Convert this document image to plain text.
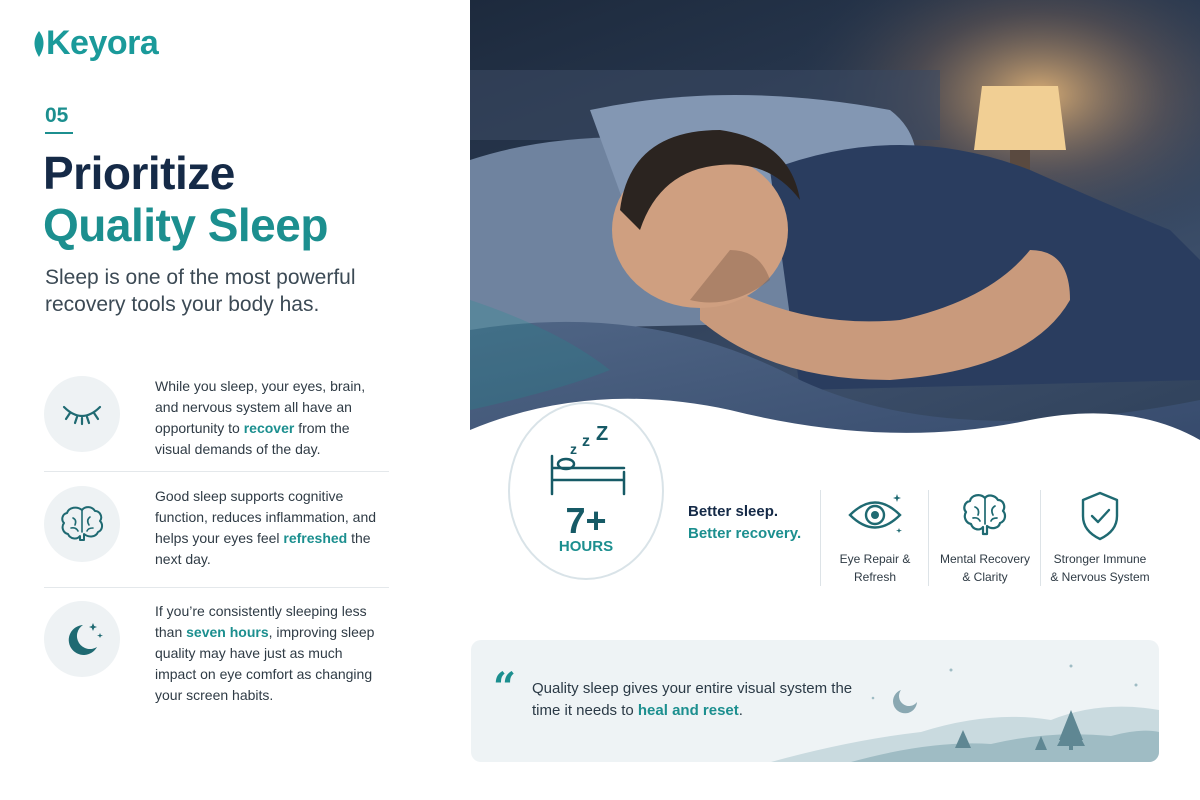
Keyora
05
Prioritize
Quality Sleep
Sleep is one of the most powerful recovery tools your body has.
While you sleep, your eyes, brain, and nervous system all have an opportunity to recover from the visual demands of the day.
Good sleep supports cognitive function, reduces inflammation, and helps your eyes feel refreshed the next day.
If you’re consistently sleeping less than seven hours, improving sleep quality may have just as much impact on eye comfort as changing your screen habits.
z z Z
7+
HOURS
Better sleep.
Better recovery.
Eye Repair &
Refresh
Mental Recovery
& Clarity
Stronger Immune
& Nervous System
“ Quality sleep gives your entire visual system the time it needs to heal and reset.
